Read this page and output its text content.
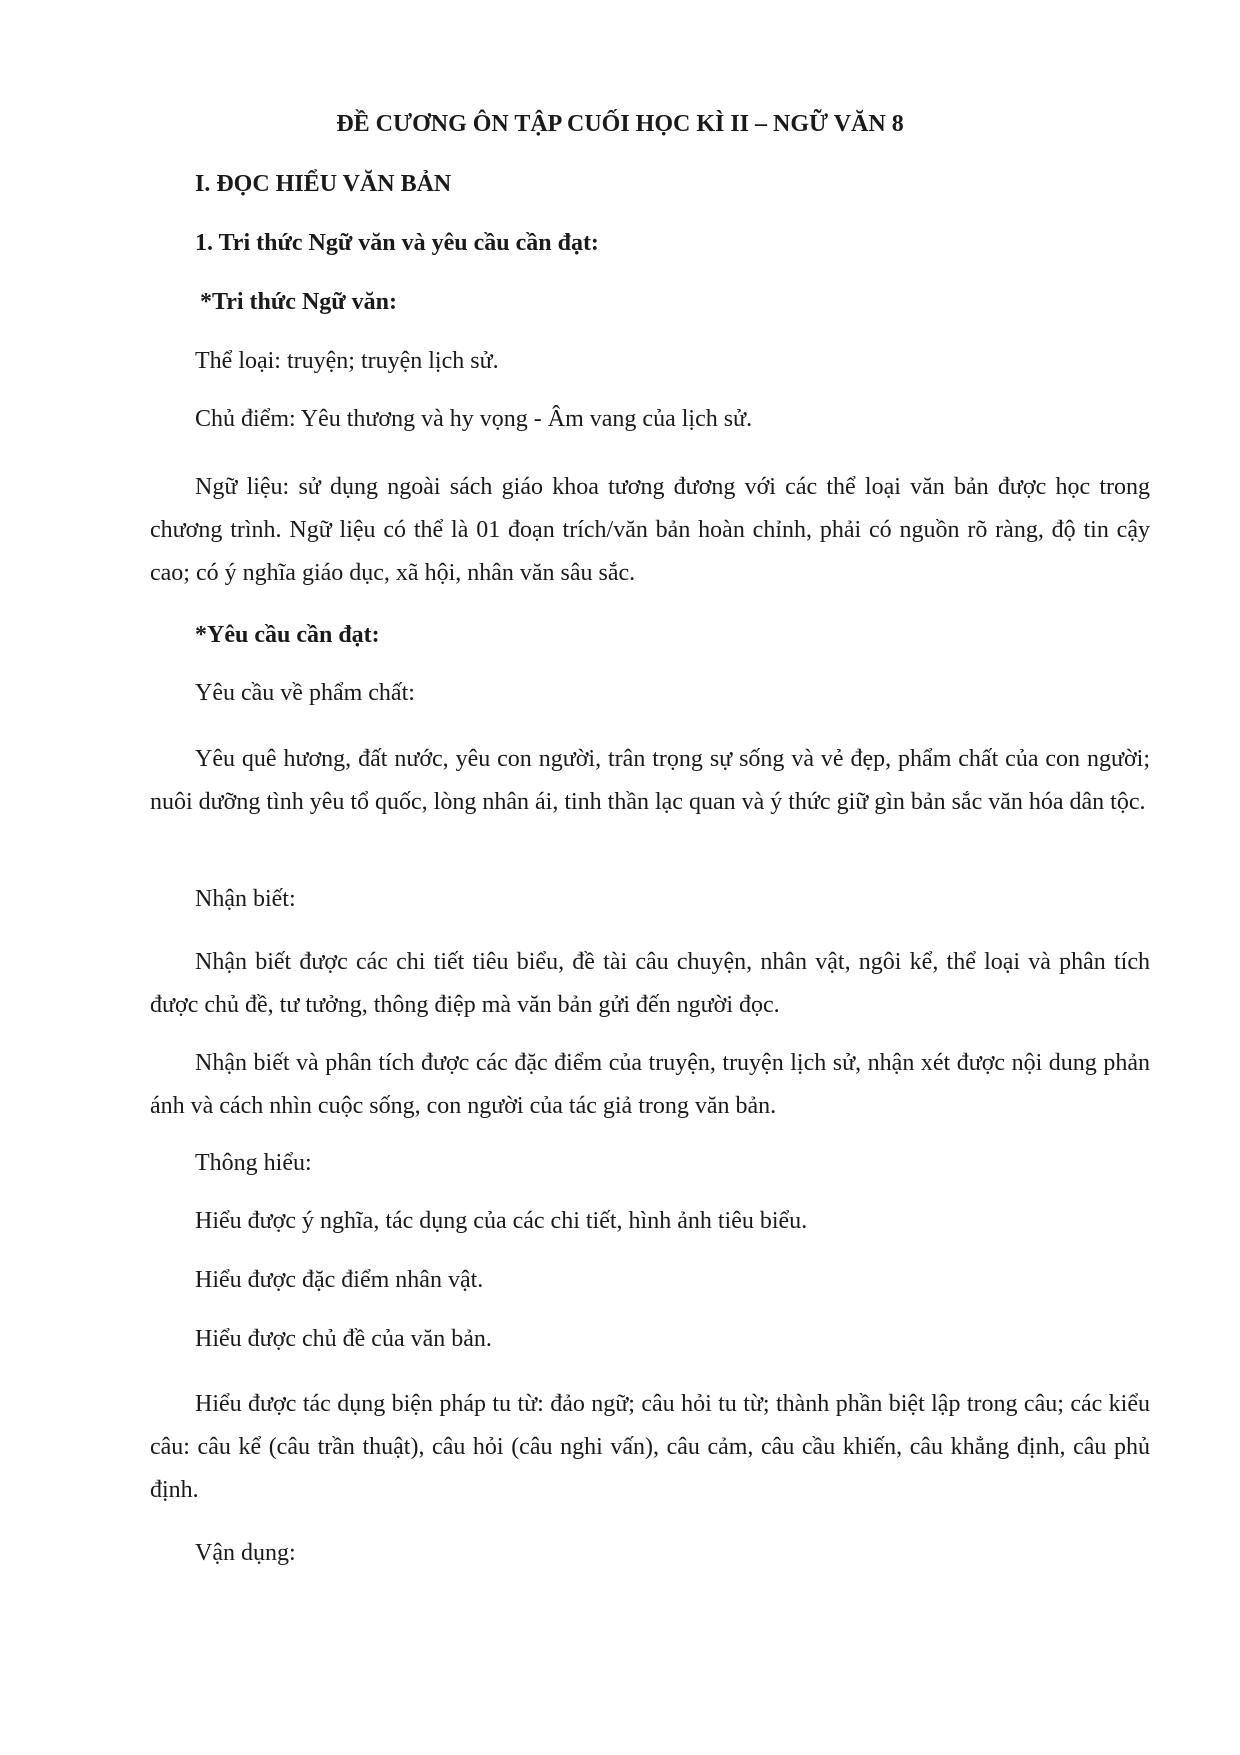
ĐỀ CƯƠNG ÔN TẬP CUỐI HỌC KÌ II – NGỮ VĂN 8

I. ĐỌC HIỂU VĂN BẢN

1. Tri thức Ngữ văn và yêu cầu cần đạt:

*Tri thức Ngữ văn:

Thể loại: truyện; truyện lịch sử.

Chủ điểm: Yêu thương và hy vọng - Âm vang của lịch sử.

Ngữ liệu: sử dụng ngoài sách giáo khoa tương đương với các thể loại văn bản được học trong chương trình. Ngữ liệu có thể là 01 đoạn trích/văn bản hoàn chỉnh, phải có nguồn rõ ràng, độ tin cậy cao; có ý nghĩa giáo dục, xã hội, nhân văn sâu sắc.

*Yêu cầu cần đạt:

Yêu cầu về phẩm chất:

Yêu quê hương, đất nước, yêu con người, trân trọng sự sống và vẻ đẹp, phẩm chất của con người; nuôi dưỡng tình yêu tổ quốc, lòng nhân ái, tinh thần lạc quan và ý thức giữ gìn bản sắc văn hóa dân tộc.

Nhận biết:

Nhận biết được các chi tiết tiêu biểu, đề tài câu chuyện, nhân vật, ngôi kể, thể loại và phân tích được chủ đề, tư tưởng, thông điệp mà văn bản gửi đến người đọc.

Nhận biết và phân tích được các đặc điểm của truyện, truyện lịch sử, nhận xét được nội dung phản ánh và cách nhìn cuộc sống, con người của tác giả trong văn bản.

Thông hiểu:

Hiểu được ý nghĩa, tác dụng của các chi tiết, hình ảnh tiêu biểu.

Hiểu được đặc điểm nhân vật.

Hiểu được chủ đề của văn bản.

Hiểu được tác dụng biện pháp tu từ: đảo ngữ; câu hỏi tu từ; thành phần biệt lập trong câu; các kiểu câu: câu kể (câu trần thuật), câu hỏi (câu nghi vấn), câu cảm, câu cầu khiến, câu khẳng định, câu phủ định.

Vận dụng:
